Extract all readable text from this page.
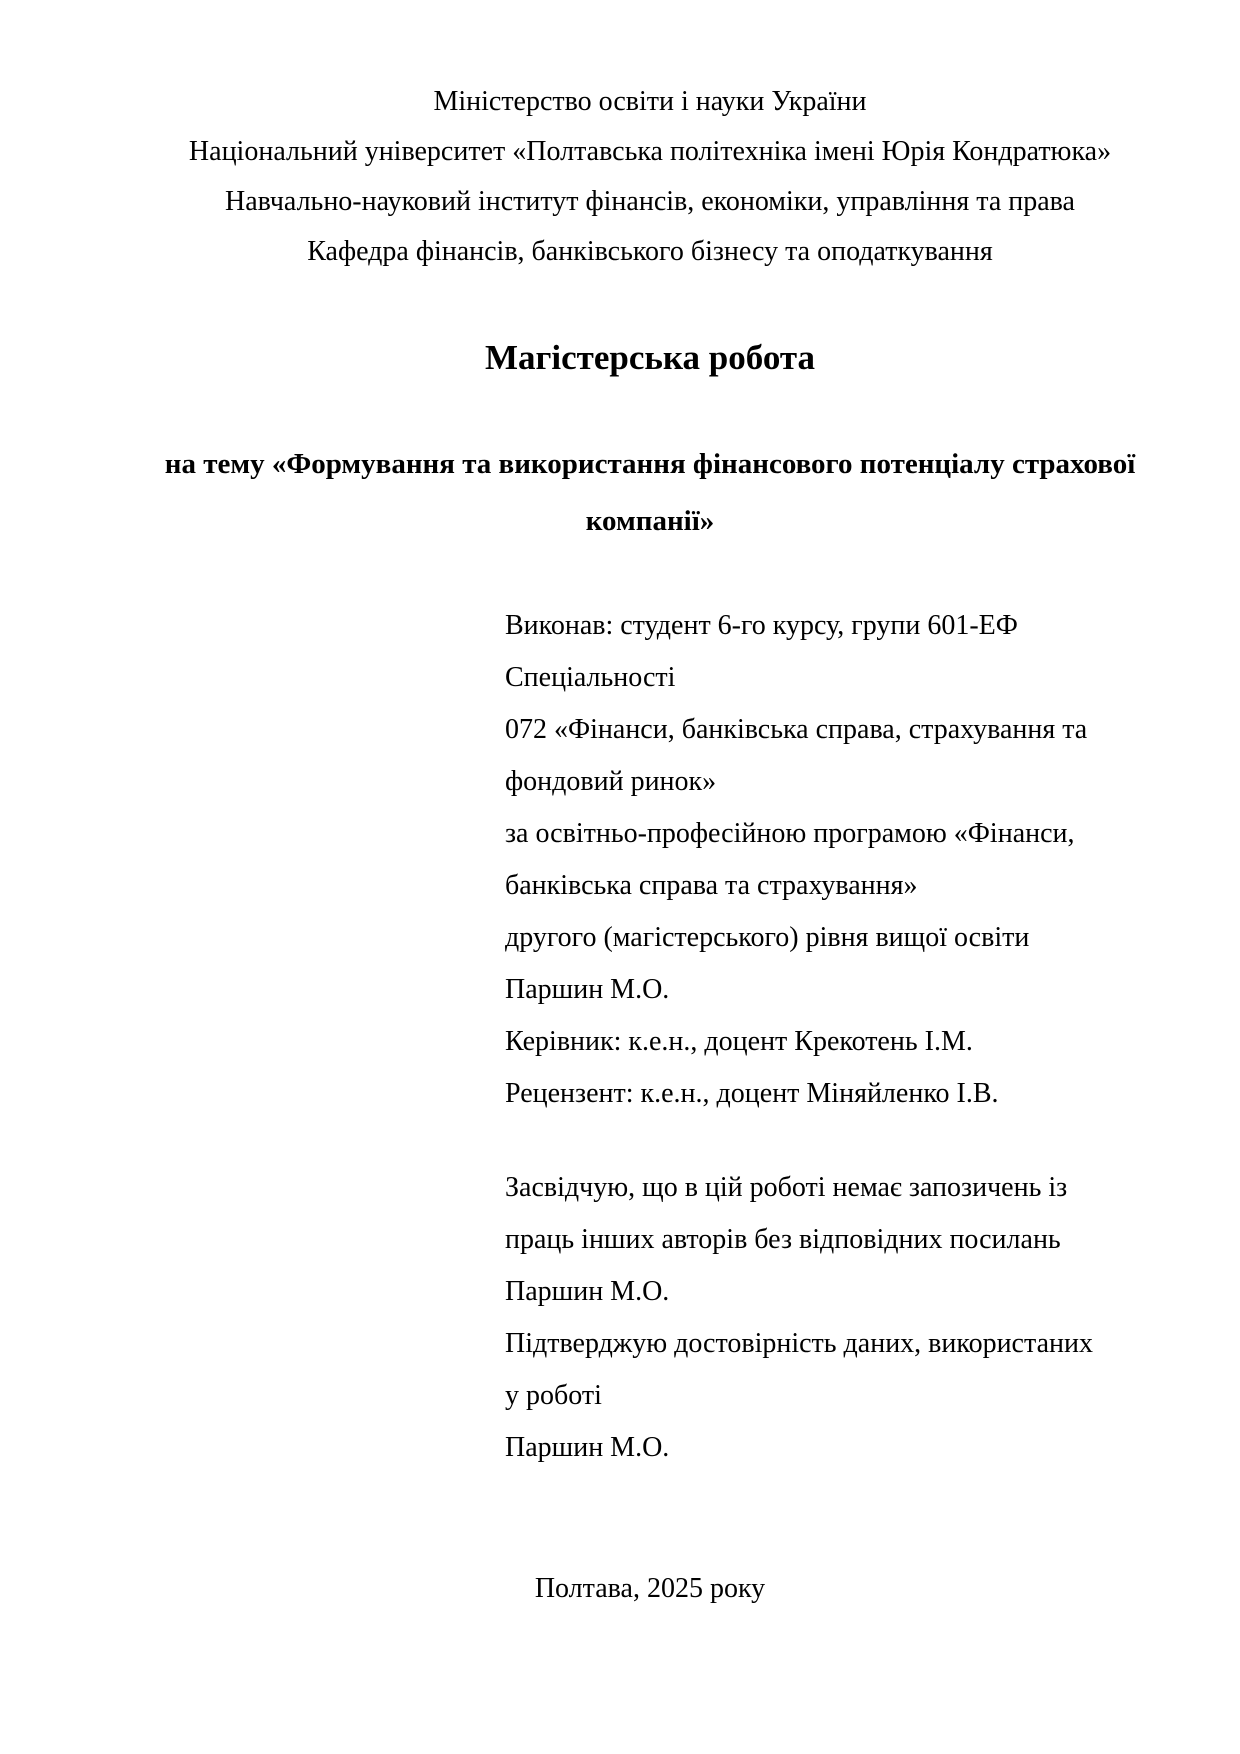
Міністерство освіти і науки України
Національний університет «Полтавська політехніка імені Юрія Кондратюка»
Навчально-науковий інститут фінансів, економіки, управління та права
Кафедра фінансів, банківського бізнесу та оподаткування
Магістерська робота
на тему «Формування та використання фінансового потенціалу страхової
компанії»
Виконав: студент 6-го курсу, групи 601-ЕФ
Спеціальності
072 «Фінанси, банківська справа, страхування та
фондовий ринок»
за освітньо-професійною програмою «Фінанси,
банківська справа та страхування»
другого (магістерського) рівня вищої освіти
Паршин М.О.
Керівник: к.е.н., доцент Крекотень І.М.
Рецензент: к.е.н., доцент Міняйленко І.В.
Засвідчую, що в цій роботі немає запозичень із
праць інших авторів без відповідних посилань
Паршин М.О.
Підтверджую достовірність даних, використаних
у роботі
Паршин М.О.
Полтава, 2025 року
